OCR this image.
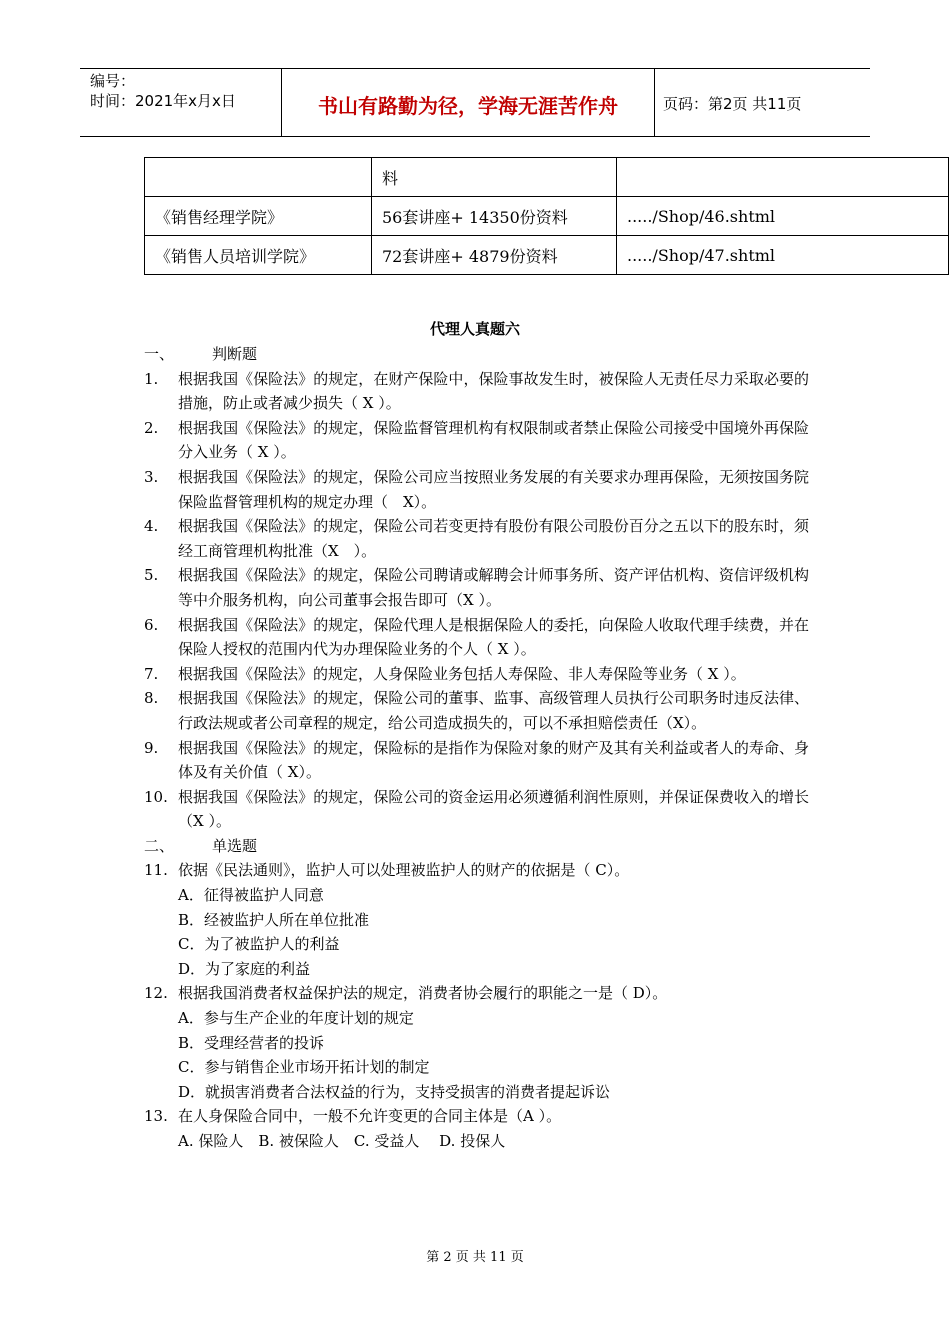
编号：
时间：2021年x月x日	书山有路勤为径，学海无涯苦作舟	页码：第2页 共11页
	料	
《销售经理学院》	56套讲座+ 14350份资料	...../Shop/46.shtml
《销售人员培训学院》	72套讲座+ 4879份资料	...../Shop/47.shtml
代理人真题六
一、	判断题
1.	根据我国《保险法》的规定，在财产保险中，保险事故发生时，被保险人无责任尽力采取必要的措施，防止或者减少损失（ X ）。
2.	根据我国《保险法》的规定，保险监督管理机构有权限制或者禁止保险公司接受中国境外再保险分入业务（ X ）。
3.	根据我国《保险法》的规定，保险公司应当按照业务发展的有关要求办理再保险，无须按国务院保险监督管理机构的规定办理（　X）。
4.	根据我国《保险法》的规定，保险公司若变更持有股份有限公司股份百分之五以下的股东时，须经工商管理机构批准（X　）。
5.	根据我国《保险法》的规定，保险公司聘请或解聘会计师事务所、资产评估机构、资信评级机构等中介服务机构，向公司董事会报告即可（X ）。
6.	根据我国《保险法》的规定，保险代理人是根据保险人的委托，向保险人收取代理手续费，并在保险人授权的范围内代为办理保险业务的个人（ X ）。
7.	根据我国《保险法》的规定，人身保险业务包括人寿保险、非人寿保险等业务（ X ）。
8.	根据我国《保险法》的规定，保险公司的董事、监事、高级管理人员执行公司职务时违反法律、行政法规或者公司章程的规定，给公司造成损失的，可以不承担赔偿责任（X）。
9.	根据我国《保险法》的规定，保险标的是指作为保险对象的财产及其有关利益或者人的寿命、身体及有关价值（ X）。
10. 根据我国《保险法》的规定，保险公司的资金运用必须遵循利润性原则，并保证保费收入的增长（X ）。
二、	单选题
11. 依据《民法通则》，监护人可以处理被监护人的财产的依据是（ C）。
A．征得被监护人同意
B．经被监护人所在单位批准
C．为了被监护人的利益
D．为了家庭的利益
12. 根据我国消费者权益保护法的规定，消费者协会履行的职能之一是（ D）。
A．参与生产企业的年度计划的规定
B．受理经营者的投诉
C．参与销售企业市场开拓计划的制定
D．就损害消费者合法权益的行为，支持受损害的消费者提起诉讼
13. 在人身保险合同中，一般不允许变更的合同主体是（A ）。
A. 保险人　B. 被保险人　C. 受益人　 D. 投保人
第 2 页 共 11 页
